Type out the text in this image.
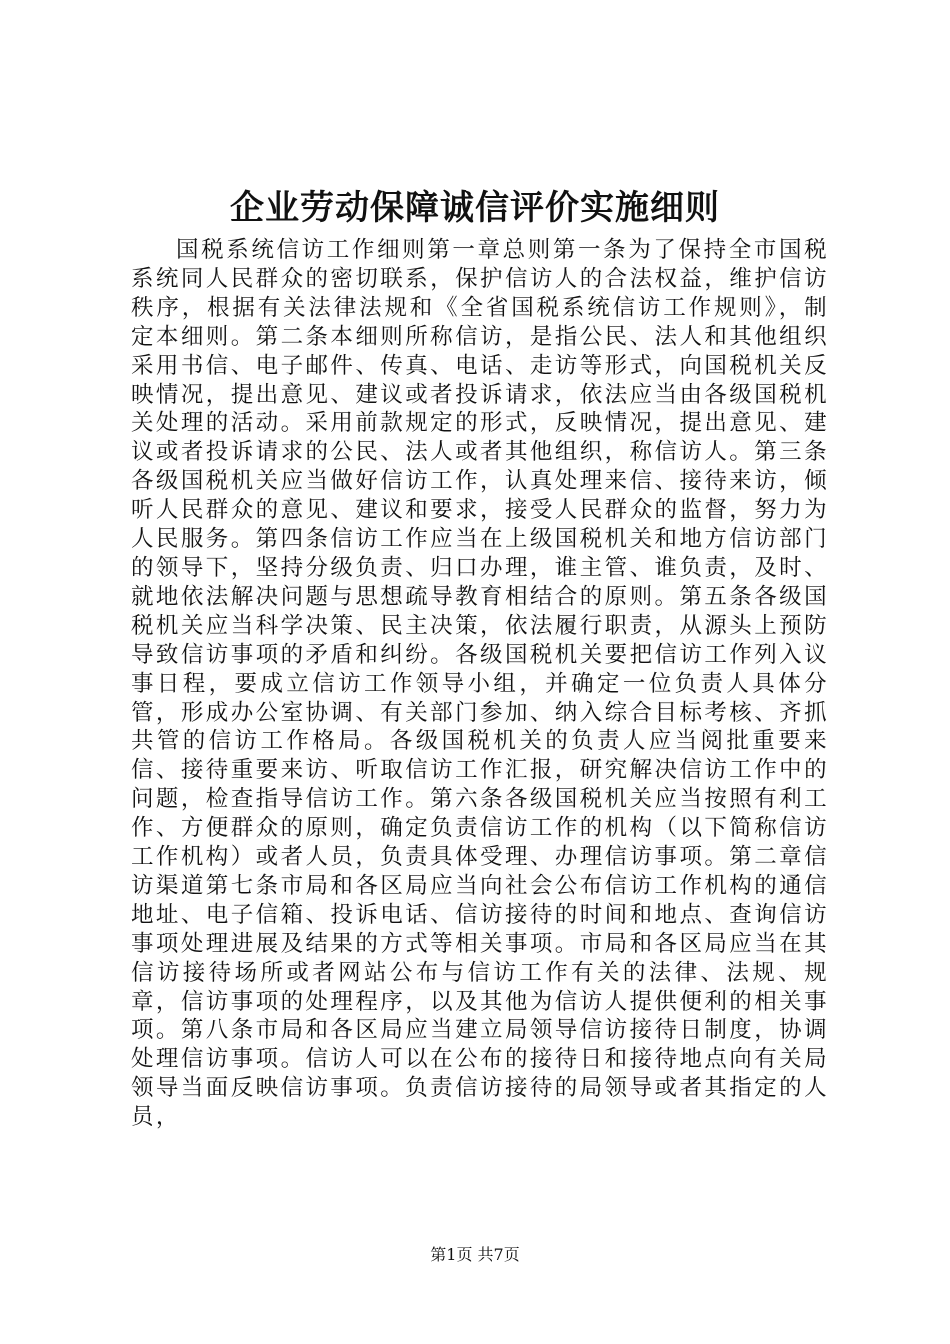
企业劳动保障诚信评价实施细则

国税系统信访工作细则第一章总则第一条为了保持全市国税系统同人民群众的密切联系，保护信访人的合法权益，维护信访秩序，根据有关法律法规和《全省国税系统信访工作规则》，制定本细则。第二条本细则所称信访，是指公民、法人和其他组织采用书信、电子邮件、传真、电话、走访等形式，向国税机关反映情况，提出意见、建议或者投诉请求，依法应当由各级国税机关处理的活动。采用前款规定的形式，反映情况，提出意见、建议或者投诉请求的公民、法人或者其他组织，称信访人。第三条各级国税机关应当做好信访工作，认真处理来信、接待来访，倾听人民群众的意见、建议和要求，接受人民群众的监督，努力为人民服务。第四条信访工作应当在上级国税机关和地方信访部门的领导下，坚持分级负责、归口办理，谁主管、谁负责，及时、就地依法解决问题与思想疏导教育相结合的原则。第五条各级国税机关应当科学决策、民主决策，依法履行职责，从源头上预防导致信访事项的矛盾和纠纷。各级国税机关要把信访工作列入议事日程，要成立信访工作领导小组，并确定一位负责人具体分管，形成办公室协调、有关部门参加、纳入综合目标考核、齐抓共管的信访工作格局。各级国税机关的负责人应当阅批重要来信、接待重要来访、听取信访工作汇报，研究解决信访工作中的问题，检查指导信访工作。第六条各级国税机关应当按照有利工作、方便群众的原则，确定负责信访工作的机构（以下简称信访工作机构）或者人员，负责具体受理、办理信访事项。第二章信访渠道第七条市局和各区局应当向社会公布信访工作机构的通信地址、电子信箱、投诉电话、信访接待的时间和地点、查询信访事项处理进展及结果的方式等相关事项。市局和各区局应当在其信访接待场所或者网站公布与信访工作有关的法律、法规、规章，信访事项的处理程序，以及其他为信访人提供便利的相关事项。第八条市局和各区局应当建立局领导信访接待日制度，协调处理信访事项。信访人可以在公布的接待日和接待地点向有关局领导当面反映信访事项。负责信访接待的局领导或者其指定的人员，

第1页 共7页
